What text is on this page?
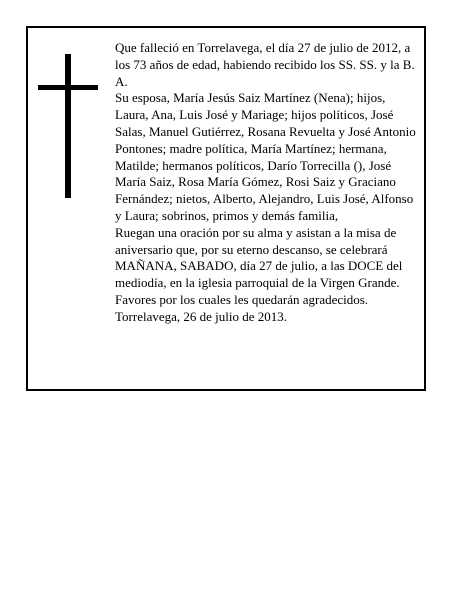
Que falleció en Torrelavega, el día 27 de julio de 2012, a los 73 años de edad, habiendo recibido los SS. SS. y la B. A.

Su esposa, María Jesús Saiz Martínez (Nena); hijos, Laura, Ana, Luis José y Mariage; hijos políticos, José Salas, Manuel Gutiérrez, Rosana Revuelta y José Antonio Pontones; madre política, María Martínez; hermana, Matilde; hermanos políticos, Darío Torrecilla (), José María Saiz, Rosa María Gómez, Rosi Saiz y Graciano Fernández; nietos, Alberto, Alejandro, Luis José, Alfonso y Laura; sobrinos, primos y demás familia,

Ruegan una oración por su alma y asistan a la misa de aniversario que, por su eterno descanso, se celebrará MAÑANA, SABADO, día 27 de julio, a las DOCE del mediodía, en la iglesia parroquial de la Virgen Grande.

Favores por los cuales les quedarán agradecidos.

Torrelavega, 26 de julio de 2013.
